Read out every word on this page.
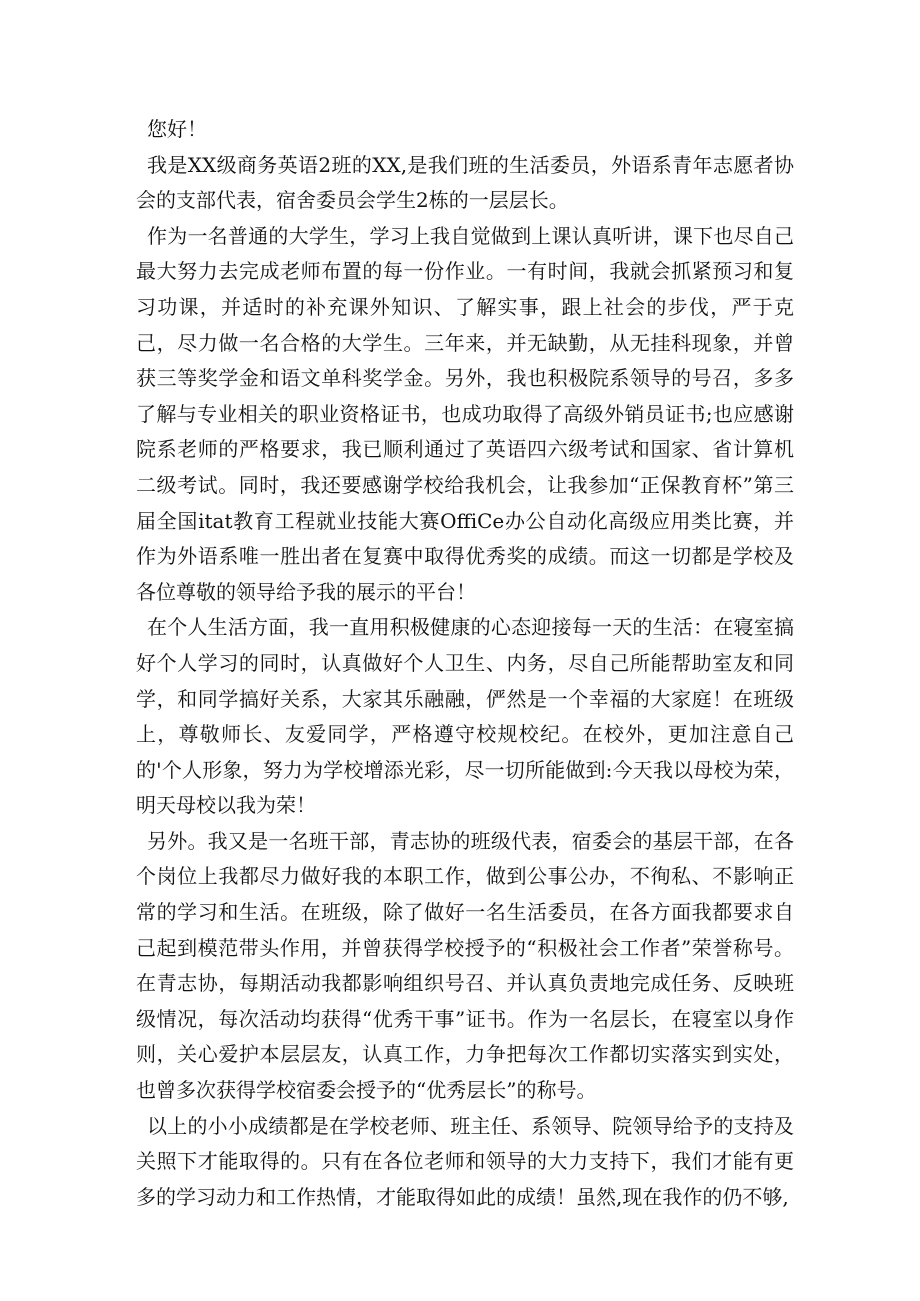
您好！

我是XX级商务英语2班的XX,是我们班的生活委员，外语系青年志愿者协会的支部代表，宿舍委员会学生2栋的一层层长。

作为一名普通的大学生，学习上我自觉做到上课认真听讲，课下也尽自己最大努力去完成老师布置的每一份作业。一有时间，我就会抓紧预习和复习功课，并适时的补充课外知识、了解实事，跟上社会的步伐，严于克己，尽力做一名合格的大学生。三年来，并无缺勤，从无挂科现象，并曾获三等奖学金和语文单科奖学金。另外，我也积极院系领导的号召，多多了解与专业相关的职业资格证书，也成功取得了高级外销员证书;也应感谢院系老师的严格要求，我已顺利通过了英语四六级考试和国家、省计算机二级考试。同时，我还要感谢学校给我机会，让我参加“正保教育杯”第三届全国itat教育工程就业技能大赛OffiCe办公自动化高级应用类比赛，并作为外语系唯一胜出者在复赛中取得优秀奖的成绩。而这一切都是学校及各位尊敬的领导给予我的展示的平台！

在个人生活方面，我一直用积极健康的心态迎接每一天的生活：在寝室搞好个人学习的同时，认真做好个人卫生、内务，尽自己所能帮助室友和同学，和同学搞好关系，大家其乐融融，俨然是一个幸福的大家庭！在班级上，尊敬师长、友爱同学，严格遵守校规校纪。在校外，更加注意自己的'个人形象，努力为学校增添光彩，尽一切所能做到:今天我以母校为荣，明天母校以我为荣！

另外。我又是一名班干部，青志协的班级代表，宿委会的基层干部，在各个岗位上我都尽力做好我的本职工作，做到公事公办，不徇私、不影响正常的学习和生活。在班级，除了做好一名生活委员，在各方面我都要求自己起到模范带头作用，并曾获得学校授予的“积极社会工作者”荣誉称号。在青志协，每期活动我都影响组织号召、并认真负责地完成任务、反映班级情况，每次活动均获得“优秀干事”证书。作为一名层长，在寝室以身作则，关心爱护本层层友，认真工作，力争把每次工作都切实落实到实处，也曾多次获得学校宿委会授予的“优秀层长”的称号。

以上的小小成绩都是在学校老师、班主任、系领导、院领导给予的支持及关照下才能取得的。只有在各位老师和领导的大力支持下，我们才能有更多的学习动力和工作热情，才能取得如此的成绩！虽然,现在我作的仍不够,
